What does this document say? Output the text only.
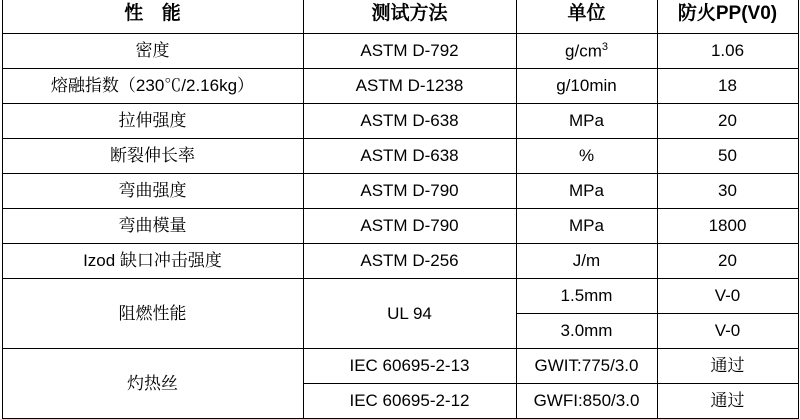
性 能	测试方法	单位	防火PP(V0)
密度	ASTM D-792	$g/cm^3$	1.06
熔融指数（230℃/2.16kg）	ASTM D-1238	g/10min	18
拉伸强度	ASTM D-638	MPa	20
断裂伸长率	ASTM D-638	%	50
弯曲强度	ASTM D-790	MPa	30
弯曲模量	ASTM D-790	MPa	1800
Izod 缺口冲击强度	ASTM D-256	J/m	20
阻燃性能	UL 94	1.5mm	V-0
		3.0mm	V-0
灼热丝	IEC 60695-2-13	GWIT:775/3.0	通过
	IEC 60695-2-12	GWFI:850/3.0	通过
